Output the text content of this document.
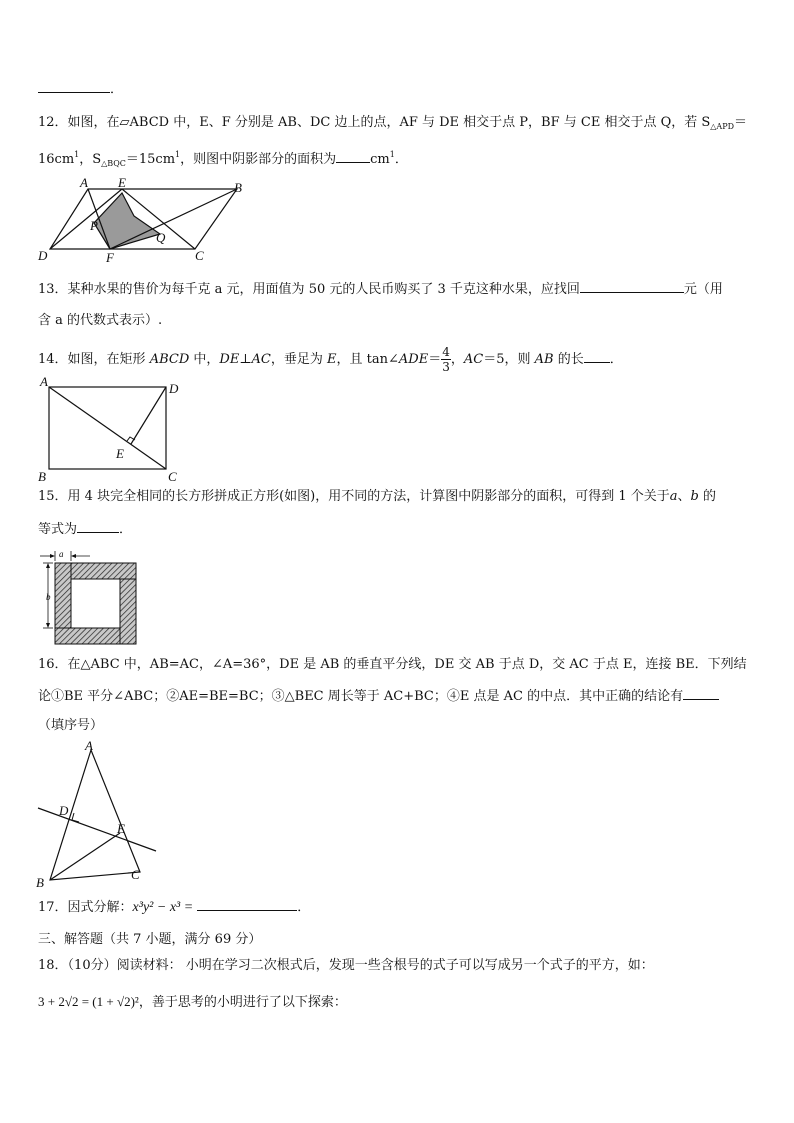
．
12．如图，在▱ABCD 中，E、F 分别是 AB、DC 边上的点，AF 与 DE 相交于点 P，BF 与 CE 相交于点 Q，若 $S_{\triangle APD}=$
$16cm^1$，$S_{\triangle BQC}=15cm^1$，则图中阴影部分的面积为	$cm^1$．
A E	B
P
Q
D	F	C
13．某种水果的售价为每千克 a 元，用面值为 50 元的人民币购买了 3 千克这种水果，应找回	元（用
含 a 的代数式表示）.
14．如图，在矩形 ABCD 中，DE⊥AC，垂足为 E，且 tan∠ADE＝ $\frac{4}{3}$ ，AC＝5，则 AB 的长 ．
A	D
B	C
E
15．用 4 块完全相同的长方形拼成正方形(如图)，用不同的方法，计算图中阴影部分的面积，可得到 1 个关于a、b 的
等式为	．
a
b
16．在△ABC 中，AB=AC，∠A=36°，DE 是 AB 的垂直平分线，DE 交 AB 于点 D，交 AC 于点 E，连接 BE．下列结
论①BE 平分∠ABC；②AE=BE=BC；③△BEC 周长等于 AC+BC；④E 点是 AC 的中点．其中正确的结论有
（填序号）
A
D
E
B
C
17．因式分解：x³y² − x³ =	．
三、解答题（共 7 小题，满分 69 分）
18．（10分）阅读材料： 小明在学习二次根式后，发现一些含根号的式子可以写成另一个式子的平方，如：
3 + 2√2 = (1 + √2)²，善于思考的小明进行了以下探索：
